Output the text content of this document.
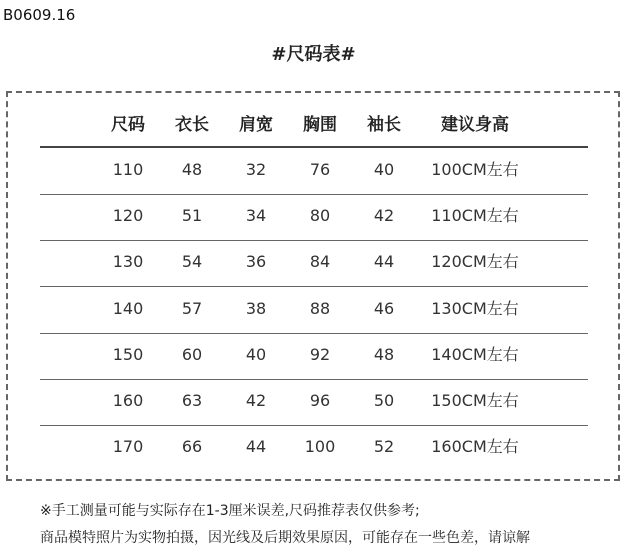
B0609.16
#尺码表#
尺码 衣长 肩宽 胸围 袖长 建议身高
110 48	32	76	40 100CM左右
120 51	34	80	42 110CM左右
130 54	36	84	44 120CM左右
140 57	38	88	46 130CM左右
150 60	40	92	48 140CM左右
160 63	42	96	50 150CM左右
170 66	44 100 52 160CM左右
※手工测量可能与实际存在1-3厘米误差,尺码推荐表仅供参考;
商品模特照片为实物拍摄，因光线及后期效果原因，可能存在一些色差，请谅解
